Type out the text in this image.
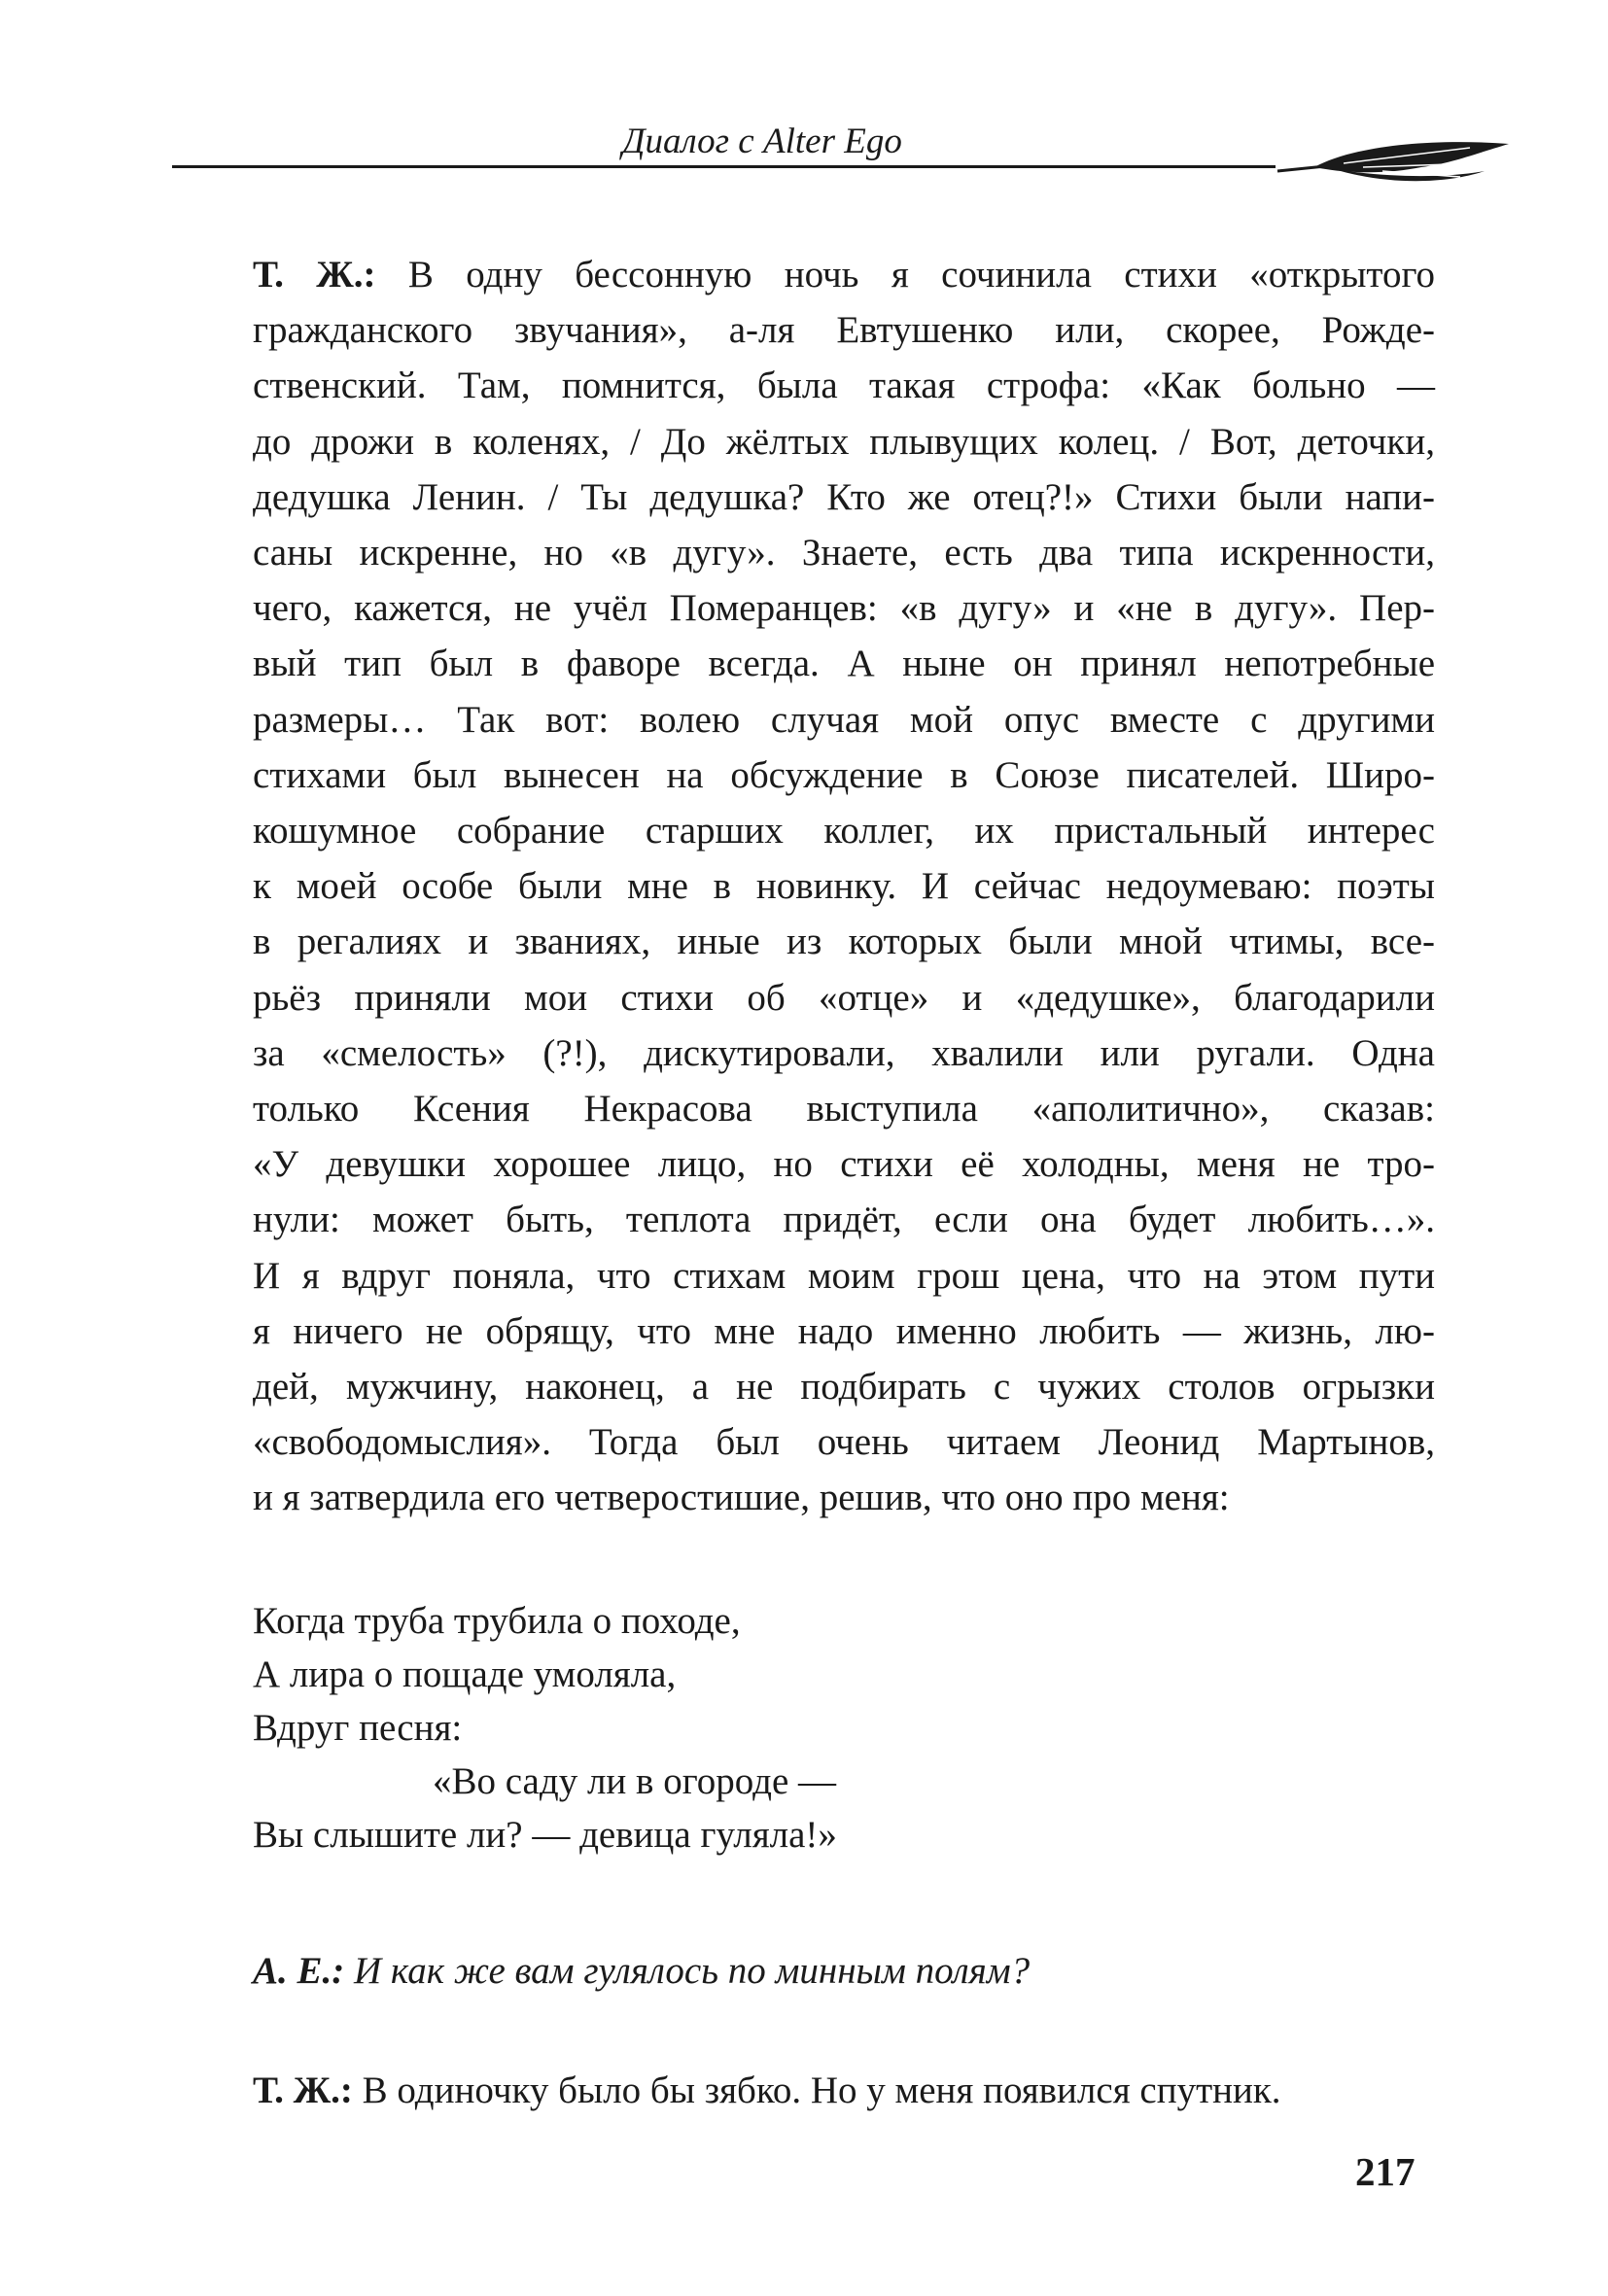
Диалог с Alter Ego
Т. Ж.: В одну бессонную ночь я сочинила стихи «открытого
гражданского звучания», а-ля Евтушенко или, скорее, Рожде-
ственский. Там, помнится, была такая строфа: «Как больно —
до дрожи в коленях, / До жёлтых плывущих колец. / Вот, деточки,
дедушка Ленин. / Ты дедушка? Кто же отец?!» Стихи были напи-
саны искренне, но «в дугу». Знаете, есть два типа искренности,
чего, кажется, не учёл Померанцев: «в дугу» и «не в дугу». Пер-
вый тип был в фаворе всегда. А ныне он принял непотребные
размеры… Так вот: волею случая мой опус вместе с другими
стихами был вынесен на обсуждение в Союзе писателей. Широ-
кошумное собрание старших коллег, их пристальный интерес
к моей особе были мне в новинку. И сейчас недоумеваю: поэты
в регалиях и званиях, иные из которых были мной чтимы, все-
рьёз приняли мои стихи об «отце» и «дедушке», благодарили
за «смелость» (?!), дискутировали, хвалили или ругали. Одна
только Ксения Некрасова выступила «аполитично», сказав:
«У девушки хорошее лицо, но стихи её холодны, меня не тро-
нули: может быть, теплота придёт, если она будет любить…».
И я вдруг поняла, что стихам моим грош цена, что на этом пути
я ничего не обрящу, что мне надо именно любить — жизнь, лю-
дей, мужчину, наконец, а не подбирать с чужих столов огрызки
«свободомыслия». Тогда был очень читаем Леонид Мартынов,
и я затвердила его четверостишие, решив, что оно про меня:
Когда труба трубила о походе,
А лира о пощаде умоляла,
Вдруг песня:
«Во саду ли в огороде —
Вы слышите ли? — девица гуляла!»
А. Е.: И как же вам гулялось по минным полям?
Т. Ж.: В одиночку было бы зябко. Но у меня появился спутник.
217
